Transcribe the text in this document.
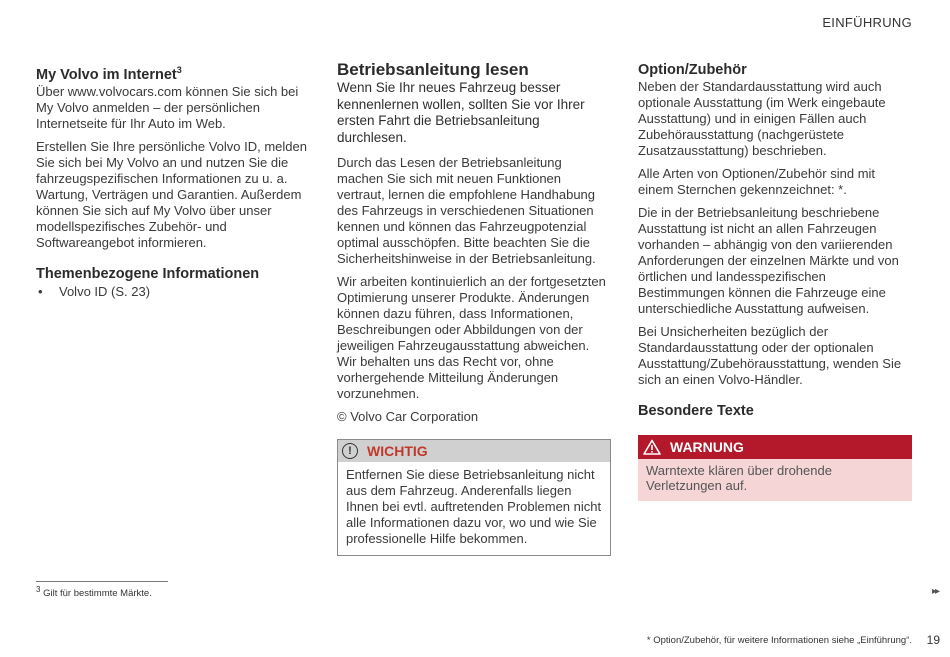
EINFÜHRUNG
My Volvo im Internet$^3$

Über www.volvocars.com können Sie sich bei My Volvo anmelden – der persönlichen Internetseite für Ihr Auto im Web.

Erstellen Sie Ihre persönliche Volvo ID, melden Sie sich bei My Volvo an und nutzen Sie die fahrzeugspezifischen Informationen zu u. a. Wartung, Verträgen und Garantien. Außerdem können Sie sich auf My Volvo über unser modellspezifisches Zubehör- und Softwareangebot informieren.

Themenbezogene Informationen
• Volvo ID (S. 23)
Betriebsanleitung lesen

Wenn Sie Ihr neues Fahrzeug besser kennenlernen wollen, sollten Sie vor Ihrer ersten Fahrt die Betriebsanleitung durchlesen.

Durch das Lesen der Betriebsanleitung machen Sie sich mit neuen Funktionen vertraut, lernen die empfohlene Handhabung des Fahrzeugs in verschiedenen Situationen kennen und können das Fahrzeugpotenzial optimal ausschöpfen. Bitte beachten Sie die Sicherheitshinweise in der Betriebsanleitung.

Wir arbeiten kontinuierlich an der fortgesetzten Optimierung unserer Produkte. Änderungen können dazu führen, dass Informationen, Beschreibungen oder Abbildungen von der jeweiligen Fahrzeugausstattung abweichen. Wir behalten uns das Recht vor, ohne vorhergehende Mitteilung Änderungen vorzunehmen.

© Volvo Car Corporation

!	WICHTIG
Entfernen Sie diese Betriebsanleitung nicht aus dem Fahrzeug. Anderenfalls liegen Ihnen bei evtl. auftretenden Problemen nicht alle Informationen dazu vor, wo und wie Sie professionelle Hilfe bekommen.
Option/Zubehör

Neben der Standardausstattung wird auch optionale Ausstattung (im Werk eingebaute Ausstattung) und in einigen Fällen auch Zubehörausstattung (nachgerüstete Zusatzausstattung) beschrieben.

Alle Arten von Optionen/Zubehör sind mit einem Sternchen gekennzeichnet: *.

Die in der Betriebsanleitung beschriebene Ausstattung ist nicht an allen Fahrzeugen vorhanden – abhängig von den variierenden Anforderungen der einzelnen Märkte und von örtlichen und landesspezifischen Bestimmungen können die Fahrzeuge eine unterschiedliche Ausstattung aufweisen.

Bei Unsicherheiten bezüglich der Standardausstattung oder der optionalen Ausstattung/Zubehörausstattung, wenden Sie sich an einen Volvo-Händler.

Besondere Texte
WARNUNG
Warntexte klären über drohende Verletzungen auf.
$^3$ Gilt für bestimmte Märkte.	▸▸
* Option/Zubehör, für weitere Informationen siehe „Einführung“. 19
